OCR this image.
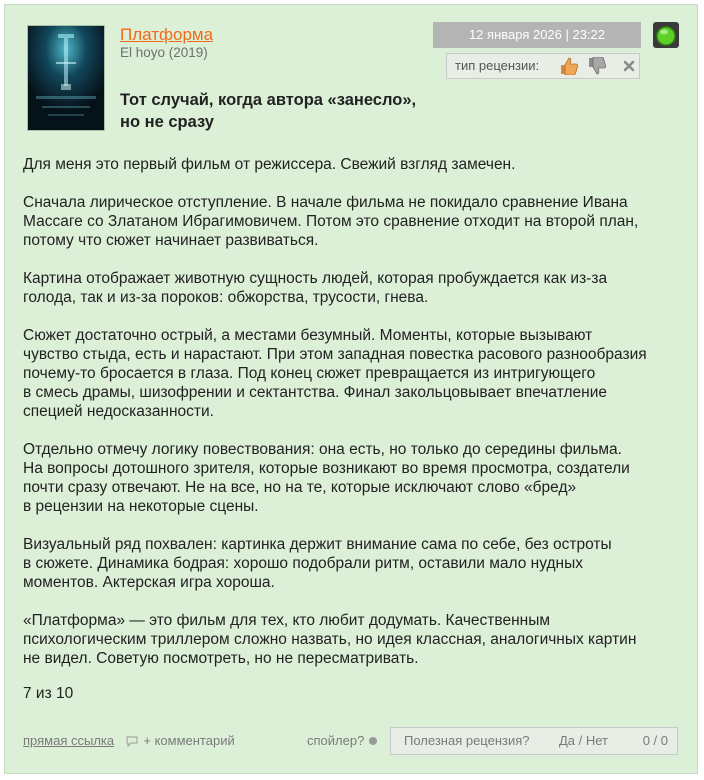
Платформа
El hoyo (2019)
Тот случай, когда автора «занесло»,
но не сразу
12 января 2026 | 23:22
тип рецензии:

Для меня это первый фильм от режиссера. Свежий взгляд замечен.

Сначала лирическое отступление. В начале фильма не покидало сравнение Ивана
Массаге со Златаном Ибрагимовичем. Потом это сравнение отходит на второй план,
потому что сюжет начинает развиваться.

Картина отображает животную сущность людей, которая пробуждается как из-за
голода, так и из-за пороков: обжорства, трусости, гнева.

Сюжет достаточно острый, а местами безумный. Моменты, которые вызывают
чувство стыда, есть и нарастают. При этом западная повестка расового разнообразия
почему-то бросается в глаза. Под конец сюжет превращается из интригующего
в смесь драмы, шизофрении и сектантства. Финал закольцовывает впечатление
специей недосказанности.

Отдельно отмечу логику повествования: она есть, но только до середины фильма.
На вопросы дотошного зрителя, которые возникают во время просмотра, создатели
почти сразу отвечают. Не на все, но на те, которые исключают слово «бред»
в рецензии на некоторые сцены.

Визуальный ряд похвален: картинка держит внимание сама по себе, без остроты
в сюжете. Динамика бодрая: хорошо подобрали ритм, оставили мало нудных
моментов. Актерская игра хороша.

«Платформа» — это фильм для тех, кто любит додумать. Качественным
психологическим триллером сложно назвать, но идея классная, аналогичных картин
не видел. Советую посмотреть, но не пересматривать.

7 из 10
прямая ссылка + комментарий	спойлер?	Полезная рецензия? Да / Нет	0 / 0
